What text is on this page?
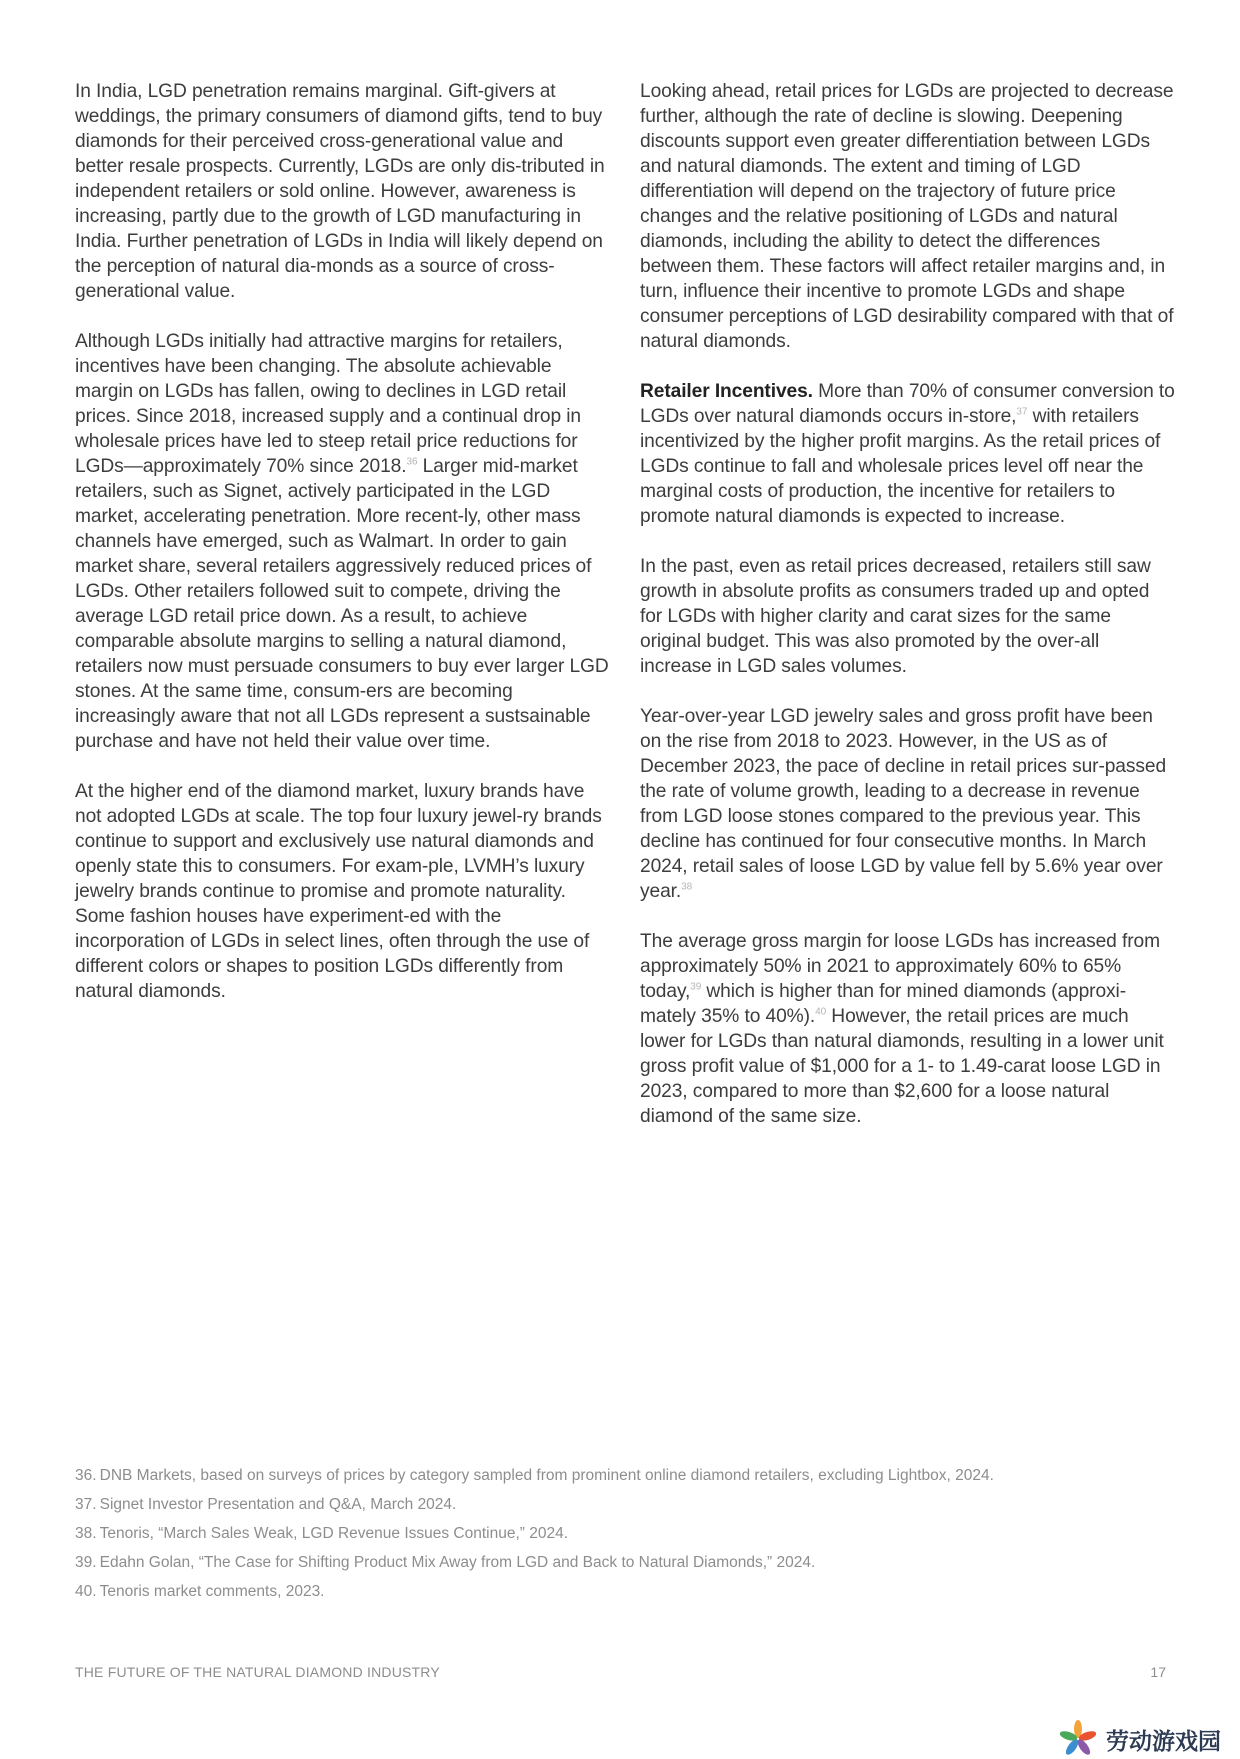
In India, LGD penetration remains marginal. Gift-givers at weddings, the primary consumers of diamond gifts, tend to buy diamonds for their perceived cross-generational value and better resale prospects. Currently, LGDs are only dis-tributed in independent retailers or sold online. However, awareness is increasing, partly due to the growth of LGD manufacturing in India. Further penetration of LGDs in India will likely depend on the perception of natural dia-monds as a source of cross-generational value.

Although LGDs initially had attractive margins for retailers, incentives have been changing. The absolute achievable margin on LGDs has fallen, owing to declines in LGD retail prices. Since 2018, increased supply and a continual drop in wholesale prices have led to steep retail price reductions for LGDs—approximately 70% since 2018.36 Larger mid-market retailers, such as Signet, actively participated in the LGD market, accelerating penetration. More recent-ly, other mass channels have emerged, such as Walmart. In order to gain market share, several retailers aggressively reduced prices of LGDs. Other retailers followed suit to compete, driving the average LGD retail price down. As a result, to achieve comparable absolute margins to selling a natural diamond, retailers now must persuade consumers to buy ever larger LGD stones. At the same time, consum-ers are becoming increasingly aware that not all LGDs represent a sustsainable purchase and have not held their value over time.

At the higher end of the diamond market, luxury brands have not adopted LGDs at scale. The top four luxury jewel-ry brands continue to support and exclusively use natural diamonds and openly state this to consumers. For exam-ple, LVMH’s luxury jewelry brands continue to promise and promote naturality. Some fashion houses have experiment-ed with the incorporation of LGDs in select lines, often through the use of different colors or shapes to position LGDs differently from natural diamonds.

Looking ahead, retail prices for LGDs are projected to decrease further, although the rate of decline is slowing. Deepening discounts support even greater differentiation between LGDs and natural diamonds. The extent and timing of LGD differentiation will depend on the trajectory of future price changes and the relative positioning of LGDs and natural diamonds, including the ability to detect the differences between them. These factors will affect retailer margins and, in turn, influence their incentive to promote LGDs and shape consumer perceptions of LGD desirability compared with that of natural diamonds.

Retailer Incentives. More than 70% of consumer conversion to LGDs over natural diamonds occurs in-store,$^{37}$ with retailers incentivized by the higher profit margins. As the retail prices of LGDs continue to fall and wholesale prices level off near the marginal costs of production, the incentive for retailers to promote natural diamonds is expected to increase.

In the past, even as retail prices decreased, retailers still saw growth in absolute profits as consumers traded up and opted for LGDs with higher clarity and carat sizes for the same original budget. This was also promoted by the over-all increase in LGD sales volumes.

Year-over-year LGD jewelry sales and gross profit have been on the rise from 2018 to 2023. However, in the US as of December 2023, the pace of decline in retail prices sur-passed the rate of volume growth, leading to a decrease in revenue from LGD loose stones compared to the previous year. This decline has continued for four consecutive months. In March 2024, retail sales of loose LGD by value fell by 5.6% year over year.$^{38}$

The average gross margin for loose LGDs has increased from approximately 50% in 2021 to approximately 60% to 65% today,$^{39}$ which is higher than for mined diamonds (approxi-mately 35% to 40%).$^{40}$ However, the retail prices are much lower for LGDs than natural diamonds, resulting in a lower unit gross profit value of $1,000 for a 1- to 1.49-carat loose LGD in 2023, compared to more than $2,600 for a loose natural diamond of the same size.

36. DNB Markets, based on surveys of prices by category sampled from prominent online diamond retailers, excluding Lightbox, 2024.
37. Signet Investor Presentation and Q&A, March 2024.
38. Tenoris, “March Sales Weak, LGD Revenue Issues Continue,” 2024.
39. Edahn Golan, “The Case for Shifting Product Mix Away from LGD and Back to Natural Diamonds,” 2024.
40. Tenoris market comments, 2023.
THE FUTURE OF THE NATURAL DIAMOND INDUSTRY	17
劳动游戏园
